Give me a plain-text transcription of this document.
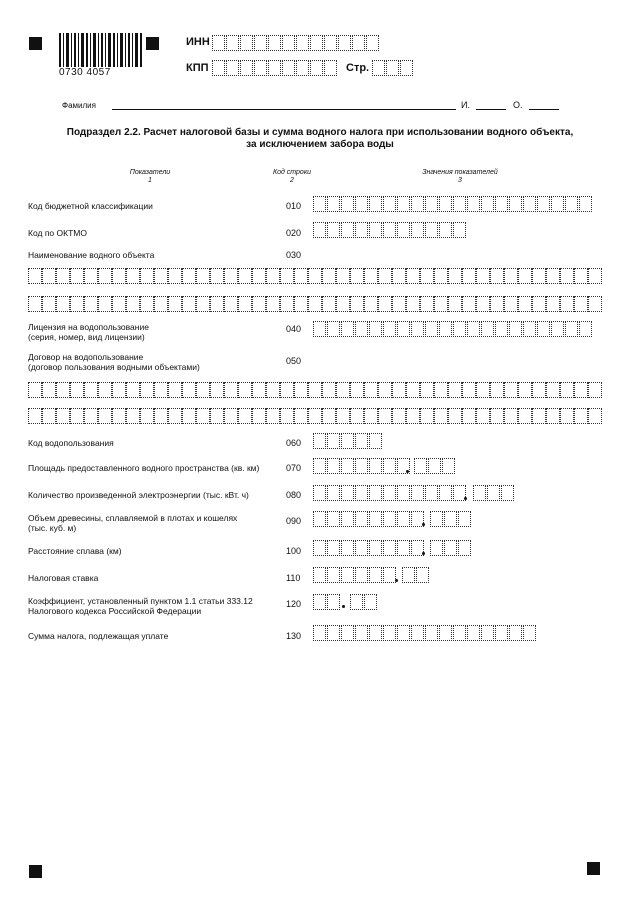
0730 4057
ИНН
КПП	Стр.
Фамилия	И.	О.
Подраздел 2.2. Расчет налоговой базы и сумма водного налога при использовании водного объекта,
за исключением забора воды
Показатели
1
Код строки
2
Значения показателей
3
Код бюджетной классификации	010
Код по ОКТМО	020
Наименование водного объекта	030
Лицензия на водопользование
(серия, номер, вид лицензии)
040
Договор на водопользование
(договор пользования водными объектами)
050
Код водопользования	060
Площадь предоставленного водного пространства (кв. км)	070
Количество произведенной электроэнергии (тыс. кВт. ч)	080
Объем древесины, сплавляемой в плотах и кошелях
(тыс. куб. м)
090
Расстояние сплава (км)	100
Налоговая ставка	110
Коэффициент, установленный пунктом 1.1 статьи 333.12
Налогового кодекса Российской Федерации
120
Сумма налога, подлежащая уплате	130
